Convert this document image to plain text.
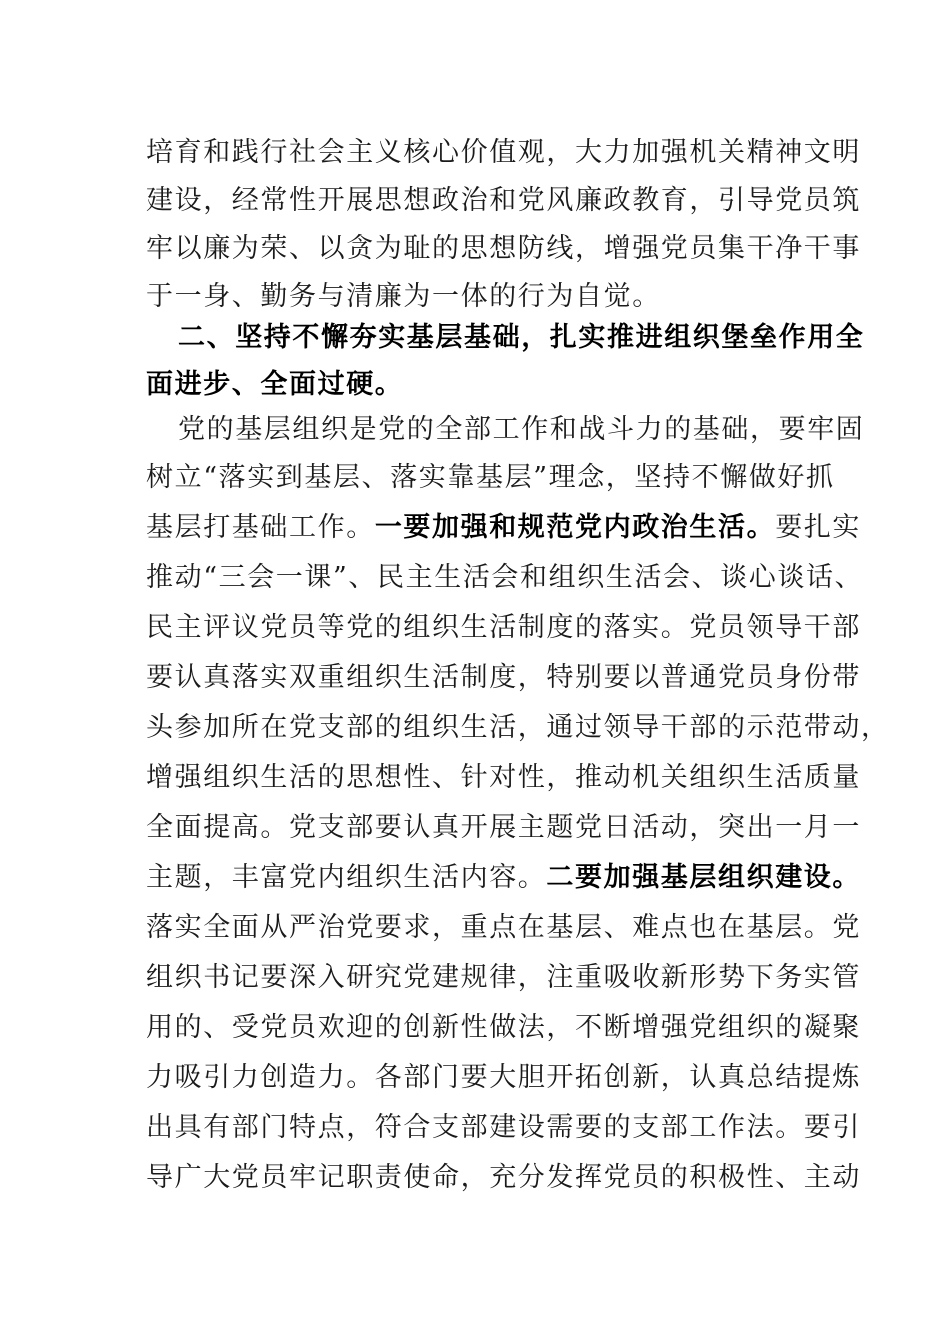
培育和践行社会主义核心价值观，大力加强机关精神文明
建设，经常性开展思想政治和党风廉政教育，引导党员筑
牢以廉为荣、以贪为耻的思想防线，增强党员集干净干事
于一身、勤务与清廉为一体的行为自觉。
二、坚持不懈夯实基层基础，扎实推进组织堡垒作用全
面进步、全面过硬。
党的基层组织是党的全部工作和战斗力的基础，要牢固
树立“落实到基层、落实靠基层”理念，坚持不懈做好抓
基层打基础工作。一要加强和规范党内政治生活。要扎实
推动“三会一课”、民主生活会和组织生活会、谈心谈话、
民主评议党员等党的组织生活制度的落实。党员领导干部
要认真落实双重组织生活制度，特别要以普通党员身份带
头参加所在党支部的组织生活，通过领导干部的示范带动，
增强组织生活的思想性、针对性，推动机关组织生活质量
全面提高。党支部要认真开展主题党日活动，突出一月一
主题，丰富党内组织生活内容。二要加强基层组织建设。
落实全面从严治党要求，重点在基层、难点也在基层。党
组织书记要深入研究党建规律，注重吸收新形势下务实管
用的、受党员欢迎的创新性做法，不断增强党组织的凝聚
力吸引力创造力。各部门要大胆开拓创新，认真总结提炼
出具有部门特点，符合支部建设需要的支部工作法。要引
导广大党员牢记职责使命，充分发挥党员的积极性、主动
